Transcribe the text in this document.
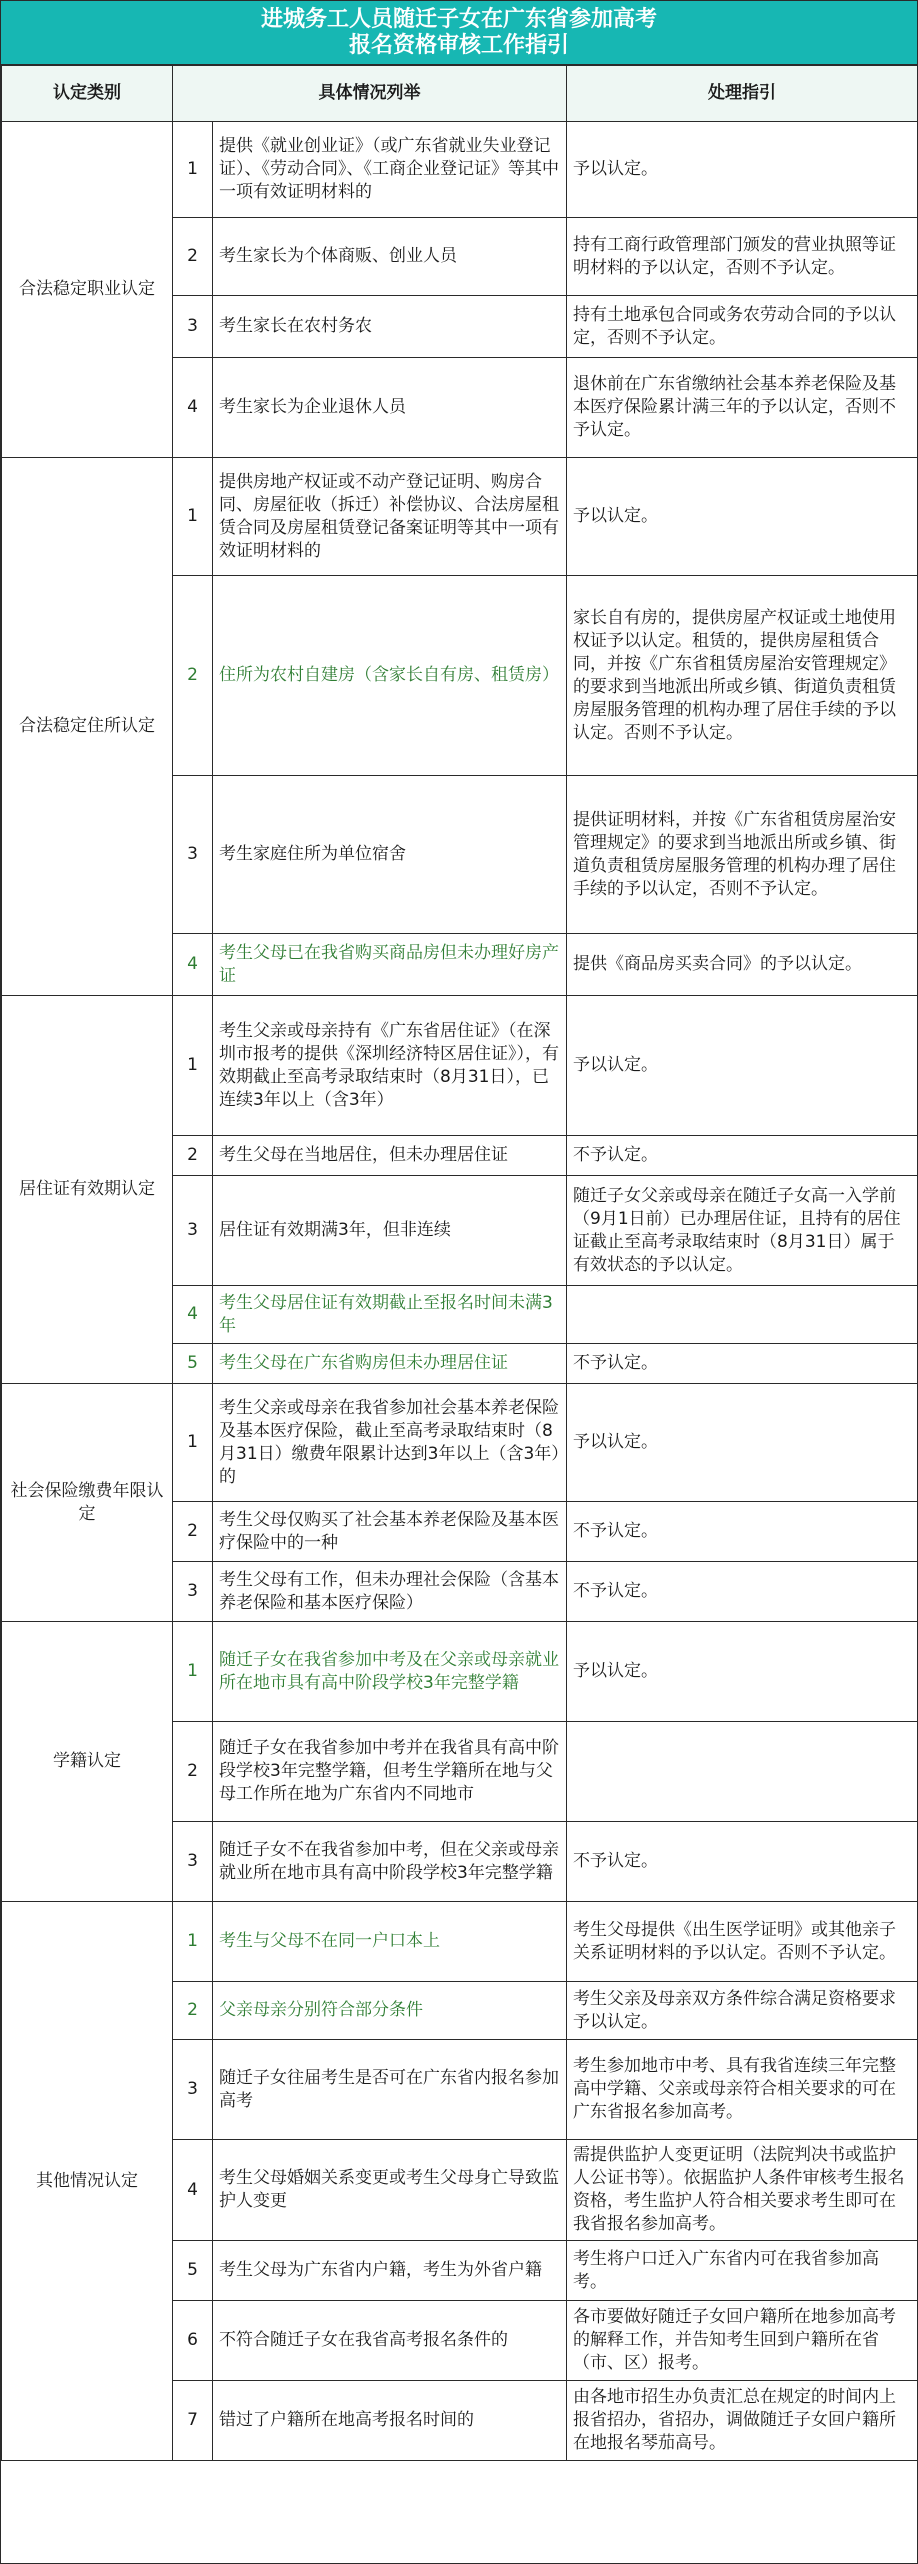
进城务工人员随迁子女在广东省参加高考
报名资格审核工作指引
认定类别	具体情况列举		处理指引
合法稳定职业认定	1	提供《就业创业证》（或广东省就业失业登记证）、《劳动合同》、《工商企业登记证》等其中一项有效证明材料的	予以认定。
	2	考生家长为个体商贩、创业人员	持有工商行政管理部门颁发的营业执照等证明材料的予以认定，否则不予认定。
	3	考生家长在农村务农	持有土地承包合同或务农劳动合同的予以认定，否则不予认定。
	4	考生家长为企业退休人员	退休前在广东省缴纳社会基本养老保险及基本医疗保险累计满三年的予以认定，否则不予认定。
合法稳定住所认定	1	提供房地产权证或不动产登记证明、购房合同、房屋征收（拆迁）补偿协议、合法房屋租赁合同及房屋租赁登记备案证明等其中一项有效证明材料的	予以认定。
	2	住所为农村自建房（含家长自有房、租赁房）	家长自有房的，提供房屋产权证或土地使用权证予以认定。租赁的，提供房屋租赁合同，并按《广东省租赁房屋治安管理规定》的要求到当地派出所或乡镇、街道负责租赁房屋服务管理的机构办理了居住手续的予以认定。否则不予认定。
	3	考生家庭住所为单位宿舍	提供证明材料，并按《广东省租赁房屋治安管理规定》的要求到当地派出所或乡镇、街道负责租赁房屋服务管理的机构办理了居住手续的予以认定，否则不予认定。
	4	考生父母已在我省购买商品房但未办理好房产证	提供《商品房买卖合同》的予以认定。
居住证有效期认定	1	考生父亲或母亲持有《广东省居住证》（在深圳市报考的提供《深圳经济特区居住证》），有效期截止至高考录取结束时（8月31日），已连续3年以上（含3年）	予以认定。
	2	考生父母在当地居住，但未办理居住证	不予认定。
	3	居住证有效期满3年，但非连续	随迁子女父亲或母亲在随迁子女高一入学前（9月1日前）已办理居住证，且持有的居住证截止至高考录取结束时（8月31日）属于有效状态的予以认定。
	4	考生父母居住证有效期截止至报名时间未满3年	
	5	考生父母在广东省购房但未办理居住证	不予认定。
社会保险缴费年限认定	1	考生父亲或母亲在我省参加社会基本养老保险及基本医疗保险，截止至高考录取结束时（8月31日）缴费年限累计达到3年以上（含3年）的	予以认定。
	2	考生父母仅购买了社会基本养老保险及基本医疗保险中的一种	不予认定。
	3	考生父母有工作，但未办理社会保险（含基本养老保险和基本医疗保险）	不予认定。
学籍认定	1	随迁子女在我省参加中考及在父亲或母亲就业所在地市具有高中阶段学校3年完整学籍	予以认定。
	2	随迁子女在我省参加中考并在我省具有高中阶段学校3年完整学籍，但考生学籍所在地与父母工作所在地为广东省内不同地市	
	3	随迁子女不在我省参加中考，但在父亲或母亲就业所在地市具有高中阶段学校3年完整学籍	不予认定。
其他情况认定	1	考生与父母不在同一户口本上	考生父母提供《出生医学证明》或其他亲子关系证明材料的予以认定。否则不予认定。
	2	父亲母亲分别符合部分条件	考生父亲及母亲双方条件综合满足资格要求予以认定。
	3	随迁子女往届考生是否可在广东省内报名参加 高考	考生参加地市中考、具有我省连续三年完整高中学籍、父亲或母亲符合相关要求的可在广东省报名参加高考。
	4	考生父母婚姻关系变更或考生父母身亡导致监护人变更	需提供监护人变更证明（法院判决书或监护人公证书等）。依据监护人条件审核考生报名资格，考生监护人符合相关要求考生即可在我省报名参加高考。
	5	考生父母为广东省内户籍，考生为外省户籍	考生将户口迁入广东省内可在我省参加高考。
	6	不符合随迁子女在我省高考报名条件的	各市要做好随迁子女回户籍所在地参加高考的解释工作，并告知考生回到户籍所在省（市、区）报考。
	7	错过了户籍所在地高考报名时间的	由各地市招生办负责汇总在规定的时间内上报省招办，省招办，调做随迁子女回户籍所在地报名琴茄高号。
